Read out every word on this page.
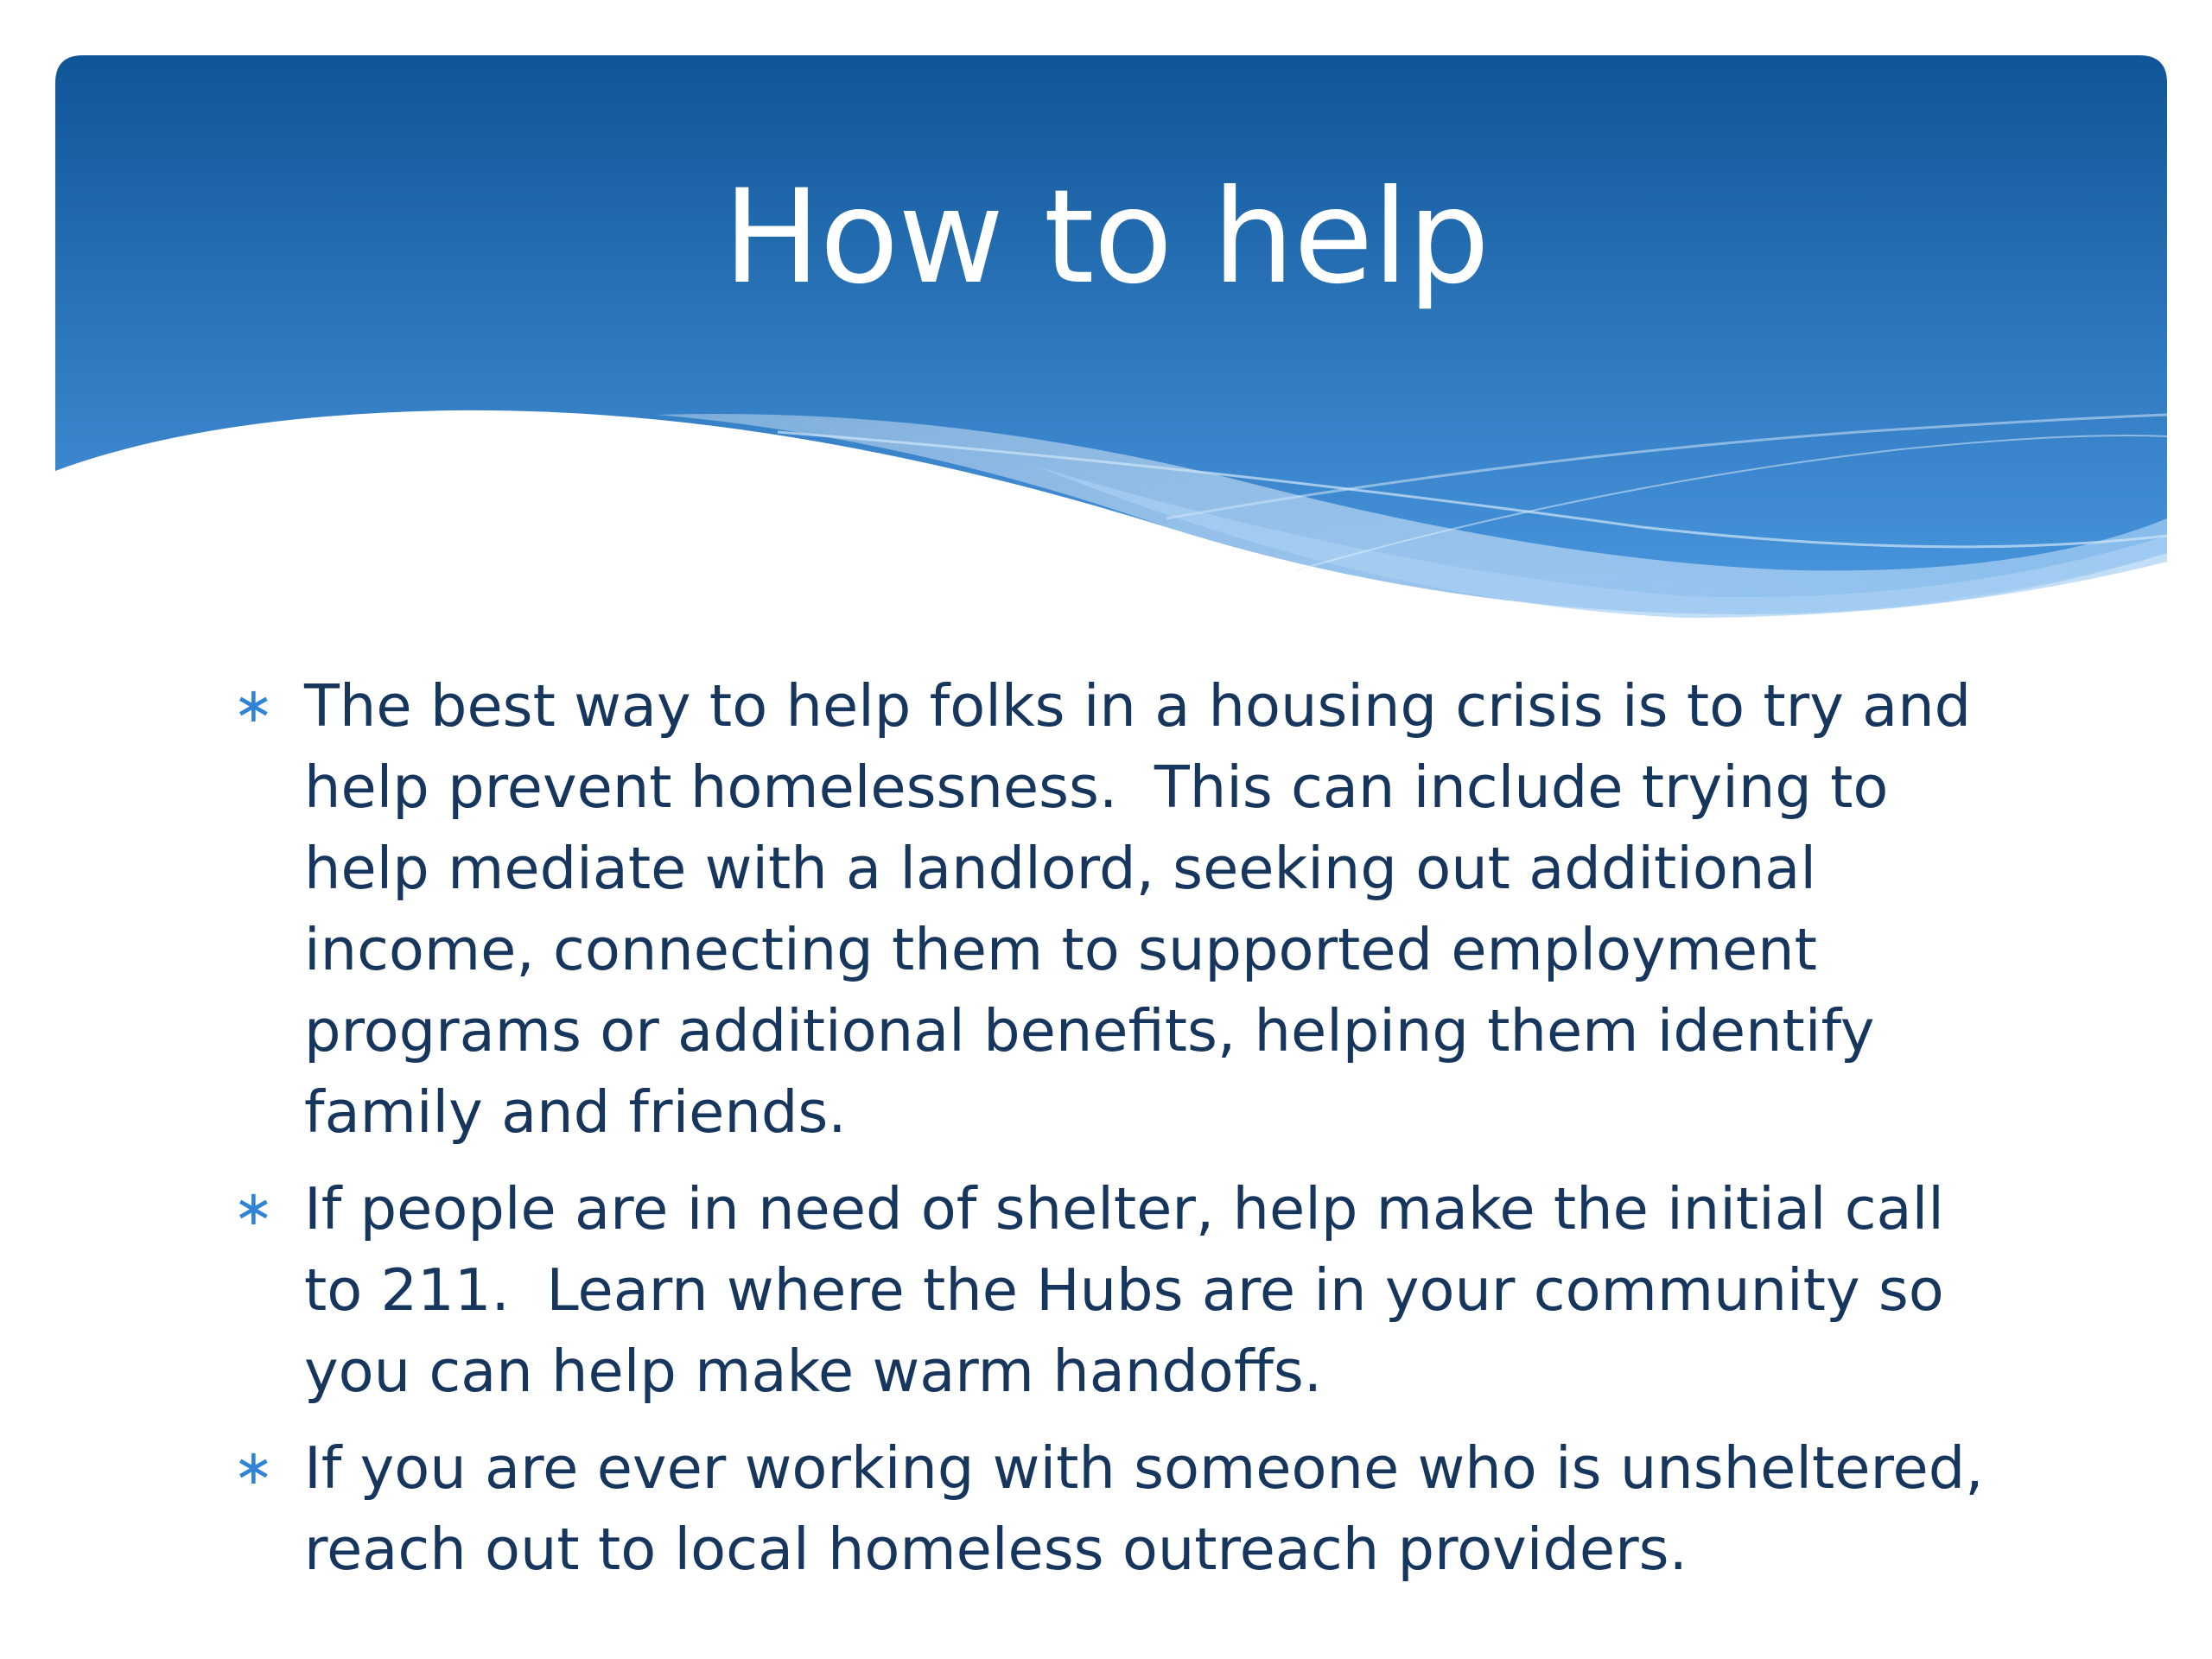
How to help
∗ The best way to help folks in a housing crisis is to try and help prevent homelessness.  This can include trying to help mediate with a landlord, seeking out additional income, connecting them to supported employment programs or additional benefits, helping them identify family and friends.
∗ If people are in need of shelter, help make the initial call to 211.  Learn where the Hubs are in your community so you can help make warm handoffs.
∗ If you are ever working with someone who is unsheltered, reach out to local homeless outreach providers.
